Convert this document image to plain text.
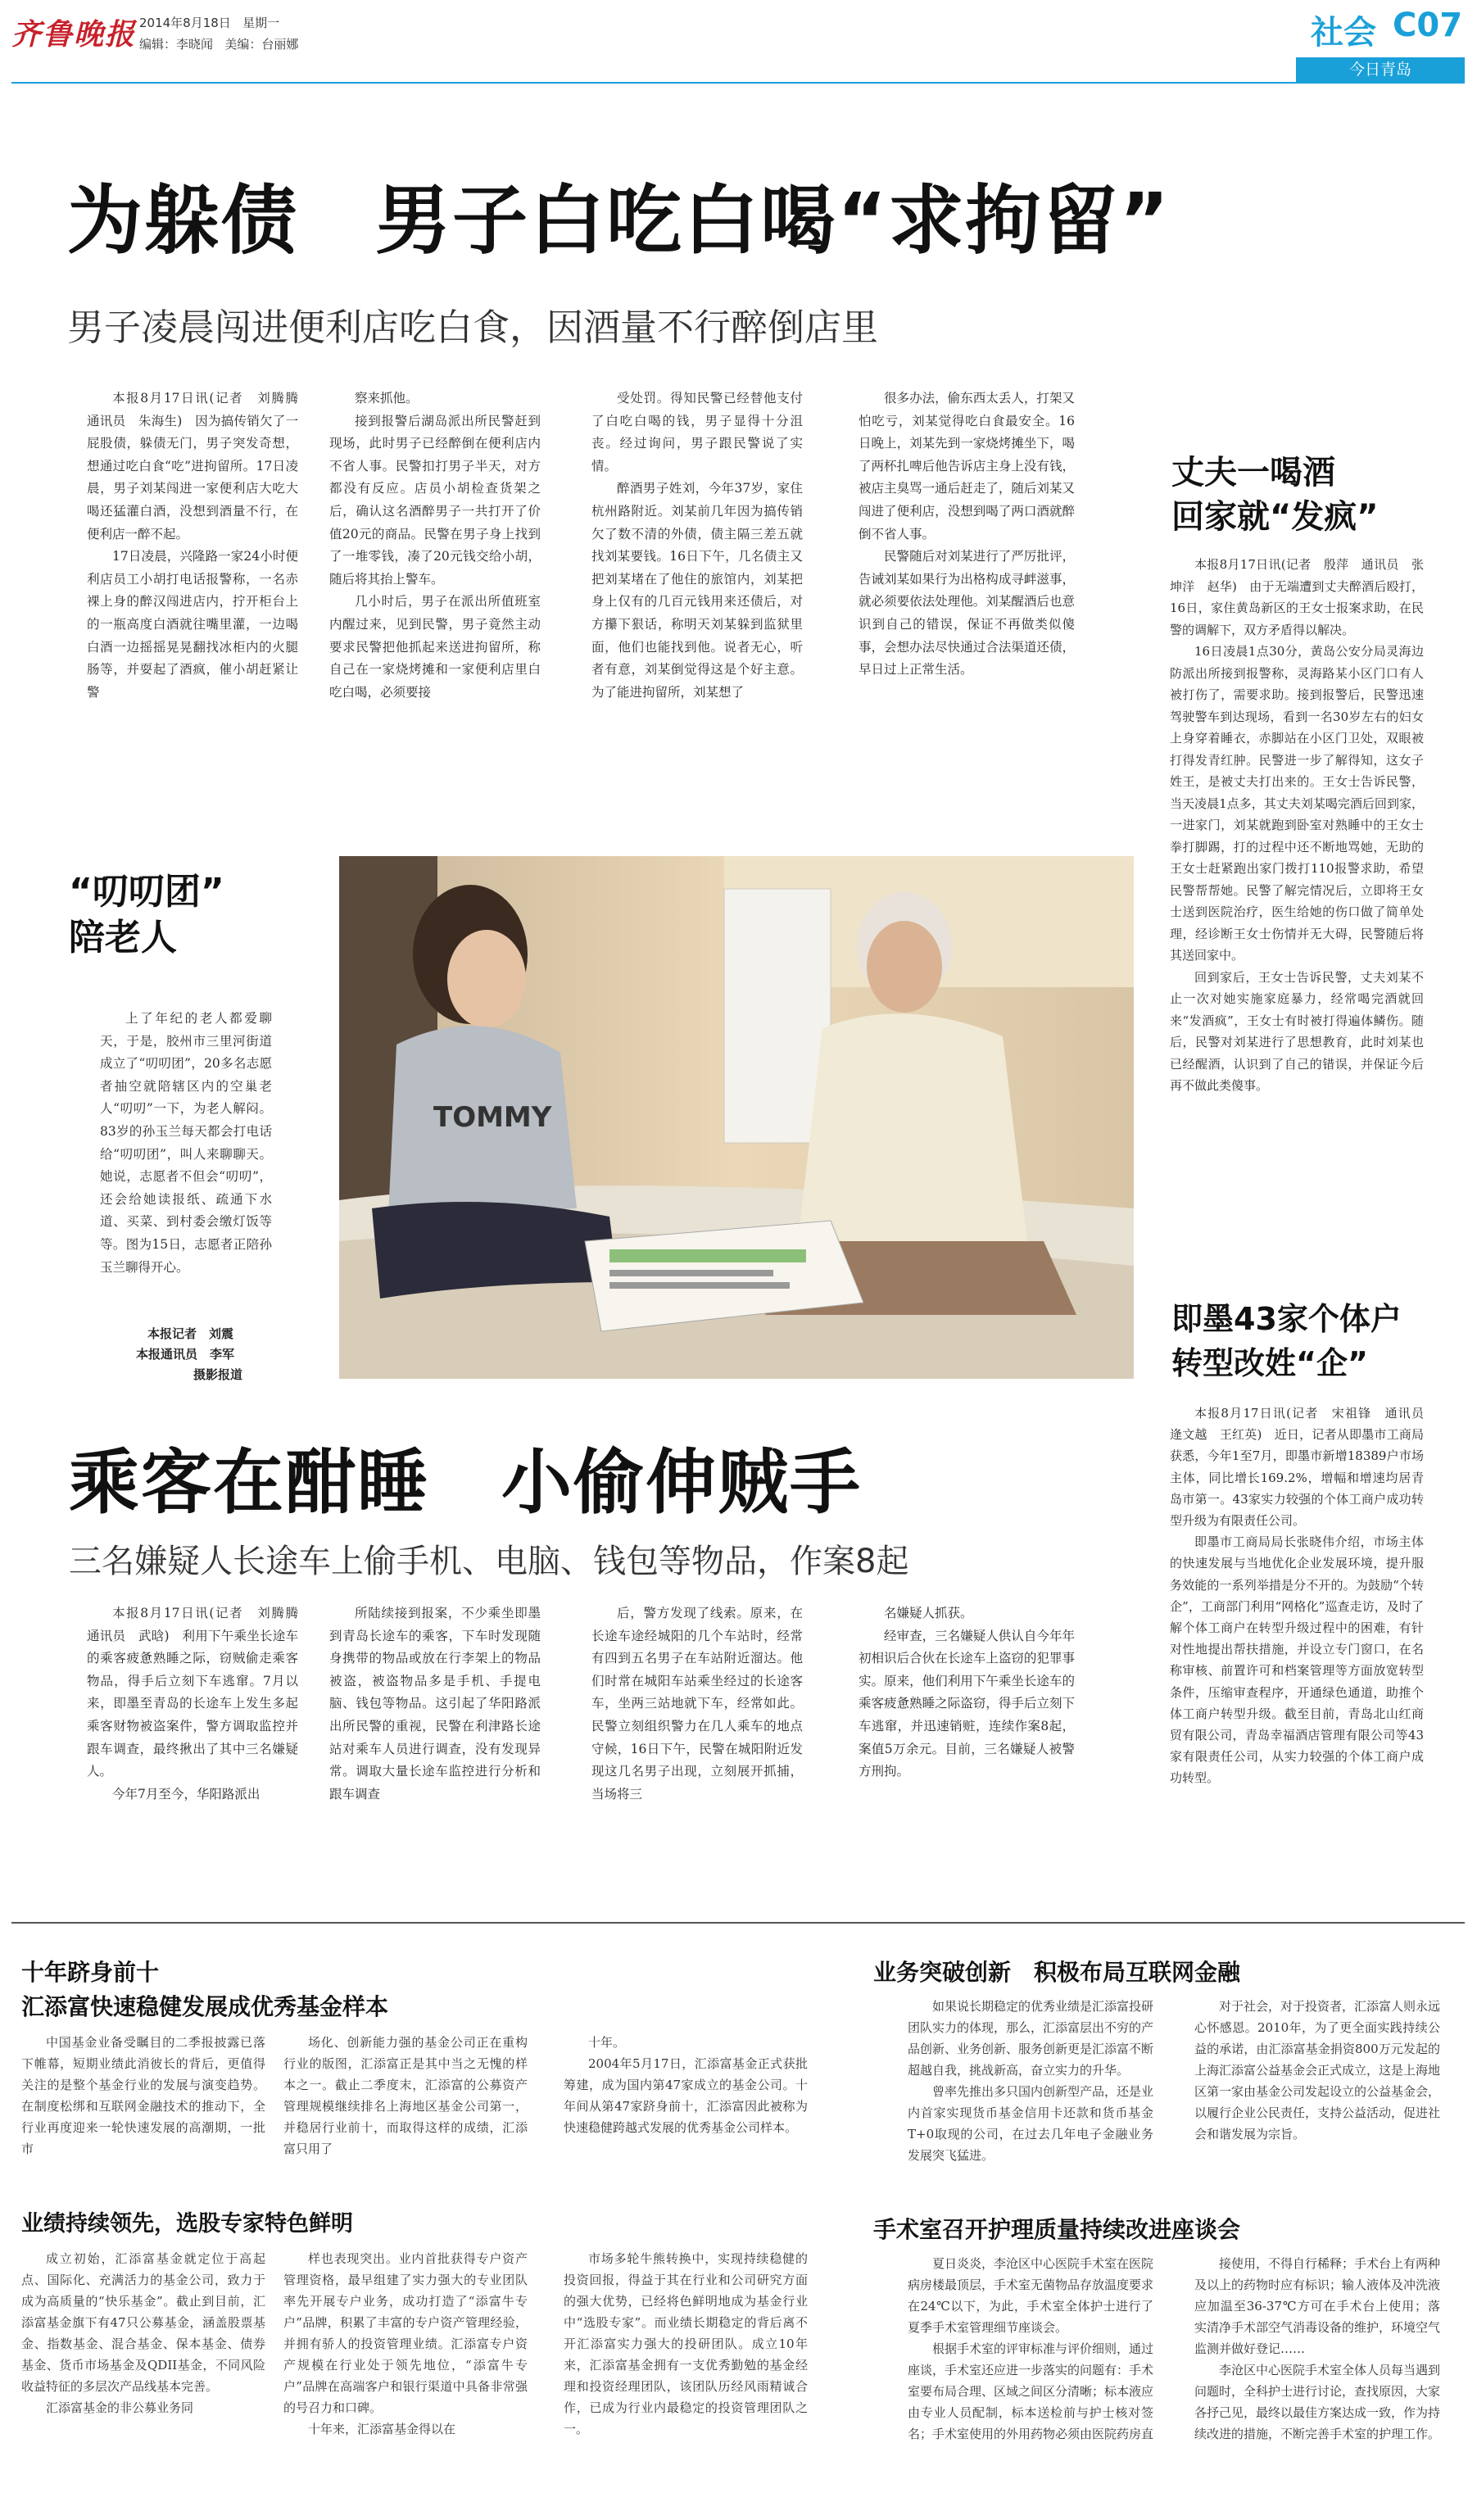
齐鲁晚报 2014年8月18日 星期一
编辑：李晓闻 美编：台丽娜	社会 C07
今日青岛
为躲债　男子白吃白喝“求拘留”
男子凌晨闯进便利店吃白食，因酒量不行醉倒店里

本报8月17日讯(记者　刘腾腾　通讯员　朱海生)　因为搞传销欠了一屁股债，躲债无门，男子突发奇想，想通过吃白食“吃”进拘留所。17日凌晨，男子刘某闯进一家便利店大吃大喝还猛灌白酒，没想到酒量不行，在便利店一醉不起。

17日凌晨，兴隆路一家24小时便利店员工小胡打电话报警称，一名赤裸上身的醉汉闯进店内，拧开柜台上的一瓶高度白酒就往嘴里灌，一边喝白酒一边摇摇晃晃翻找冰柜内的火腿肠等，并耍起了酒疯，催小胡赶紧让警

察来抓他。

接到报警后湖岛派出所民警赶到现场，此时男子已经醉倒在便利店内不省人事。民警扣打男子半天，对方都没有反应。店员小胡检查货架之后，确认这名酒醉男子一共打开了价值20元的商品。民警在男子身上找到了一堆零钱，凑了20元钱交给小胡，随后将其抬上警车。

几小时后，男子在派出所值班室内醒过来，见到民警，男子竟然主动要求民警把他抓起来送进拘留所，称自己在一家烧烤摊和一家便利店里白吃白喝，必须要接

受处罚。得知民警已经替他支付了白吃白喝的钱，男子显得十分沮丧。经过询问，男子跟民警说了实情。

醉酒男子姓刘，今年37岁，家住杭州路附近。刘某前几年因为搞传销欠了数不清的外债，债主隔三差五就找刘某要钱。16日下午，几名债主又把刘某堵在了他住的旅馆内，刘某把身上仅有的几百元钱用来还债后，对方攥下狠话，称明天刘某躲到监狱里面，他们也能找到他。说者无心，听者有意，刘某倒觉得这是个好主意。为了能进拘留所，刘某想了

很多办法，偷东西太丢人，打架又怕吃亏，刘某觉得吃白食最安全。16日晚上，刘某先到一家烧烤摊坐下，喝了两杯扎啤后他告诉店主身上没有钱，被店主臭骂一通后赶走了，随后刘某又闯进了便利店，没想到喝了两口酒就醉倒不省人事。

民警随后对刘某进行了严厉批评，告诫刘某如果行为出格构成寻衅滋事，就必须要依法处理他。刘某醒酒后也意识到自己的错误，保证不再做类似傻事，会想办法尽快通过合法渠道还债，早日过上正常生活。

丈夫一喝酒
回家就“发疯”

本报8月17日讯(记者　殷萍　通讯员　张坤洋　赵华)　由于无端遭到丈夫醉酒后殴打，16日，家住黄岛新区的王女士报案求助，在民警的调解下，双方矛盾得以解决。

16日凌晨1点30分，黄岛公安分局灵海边防派出所接到报警称，灵海路某小区门口有人被打伤了，需要求助。接到报警后，民警迅速驾驶警车到达现场，看到一名30岁左右的妇女上身穿着睡衣，赤脚站在小区门卫处，双眼被打得发青红肿。民警进一步了解得知，这女子姓王，是被丈夫打出来的。王女士告诉民警，当天凌晨1点多，其丈夫刘某喝完酒后回到家，一进家门，刘某就跑到卧室对熟睡中的王女士拳打脚踢，打的过程中还不断地骂她，无助的王女士赶紧跑出家门拨打110报警求助，希望民警帮帮她。民警了解完情况后，立即将王女士送到医院治疗，医生给她的伤口做了简单处理，经诊断王女士伤情并无大碍，民警随后将其送回家中。

回到家后，王女士告诉民警，丈夫刘某不止一次对她实施家庭暴力，经常喝完酒就回来“发酒疯”，王女士有时被打得遍体鳞伤。随后，民警对刘某进行了思想教育，此时刘某也已经醒酒，认识到了自己的错误，并保证今后再不做此类傻事。

“叨叨团”
陪老人

上了年纪的老人都爱聊天，于是，胶州市三里河街道成立了“叨叨团”，20多名志愿者抽空就陪辖区内的空巢老人“叨叨”一下，为老人解闷。83岁的孙玉兰每天都会打电话给“叨叨团”，叫人来聊聊天。她说，志愿者不但会“叨叨”，还会给她读报纸、疏通下水道、买菜、到村委会缴灯饭等等。图为15日，志愿者正陪孙玉兰聊得开心。

本报记者　刘震
本报通讯员　李军
摄影报道
TOMMY
即墨43家个体户
转型改姓“企”

本报8月17日讯(记者　宋祖锋　通讯员　逄文越　王红英)　近日，记者从即墨市工商局获悉，今年1至7月，即墨市新增18389户市场主体，同比增长169.2%，增幅和增速均居青岛市第一。43家实力较强的个体工商户成功转型升级为有限责任公司。

即墨市工商局局长张晓伟介绍，市场主体的快速发展与当地优化企业发展环境，提升服务效能的一系列举措是分不开的。为鼓励“个转企”，工商部门利用“网格化”巡查走访，及时了解个体工商户在转型升级过程中的困难，有针对性地提出帮扶措施，并设立专门窗口，在名称审核、前置许可和档案管理等方面放宽转型条件，压缩审查程序，开通绿色通道，助推个体工商户转型升级。截至目前，青岛北山红商贸有限公司，青岛幸福酒店管理有限公司等43家有限责任公司，从实力较强的个体工商户成功转型。

乘客在酣睡　小偷伸贼手
三名嫌疑人长途车上偷手机、电脑、钱包等物品，作案8起

本报8月17日讯(记者　刘腾腾　通讯员　武晗)　利用下午乘坐长途车的乘客疲惫熟睡之际，窃贼偷走乘客物品，得手后立刻下车逃窜。7月以来，即墨至青岛的长途车上发生多起乘客财物被盗案件，警方调取监控并跟车调查，最终揪出了其中三名嫌疑人。

今年7月至今，华阳路派出

所陆续接到报案，不少乘坐即墨到青岛长途车的乘客，下车时发现随身携带的物品或放在行李架上的物品被盗，被盗物品多是手机、手提电脑、钱包等物品。这引起了华阳路派出所民警的重视，民警在利津路长途站对乘车人员进行调查，没有发现异常。调取大量长途车监控进行分析和跟车调查

后，警方发现了线索。原来，在长途车途经城阳的几个车站时，经常有四到五名男子在车站附近溜达。他们时常在城阳车站乘坐经过的长途客车，坐两三站地就下车，经常如此。民警立刻组织警力在几人乘车的地点守候，16日下午，民警在城阳附近发现这几名男子出现，立刻展开抓捕，当场将三

名嫌疑人抓获。

经审查，三名嫌疑人供认自今年年初相识后合伙在长途车上盗窃的犯罪事实。原来，他们利用下午乘坐长途车的乘客疲惫熟睡之际盗窃，得手后立刻下车逃窜，并迅速销赃，连续作案8起，案值5万余元。目前，三名嫌疑人被警方刑拘。

十年跻身前十
汇添富快速稳健发展成优秀基金样本

中国基金业备受瞩目的二季报披露已落下帷幕，短期业绩此消彼长的背后，更值得关注的是整个基金行业的发展与演变趋势。在制度松绑和互联网金融技术的推动下，全行业再度迎来一轮快速发展的高潮期，一批市

场化、创新能力强的基金公司正在重构行业的版图，汇添富正是其中当之无愧的样本之一。截止二季度末，汇添富的公募资产管理规模继续排名上海地区基金公司第一，并稳居行业前十，而取得这样的成绩，汇添富只用了

十年。

2004年5月17日，汇添富基金正式获批筹建，成为国内第47家成立的基金公司。十年间从第47家跻身前十，汇添富因此被称为快速稳健跨越式发展的优秀基金公司样本。

业绩持续领先，选股专家特色鲜明

成立初始，汇添富基金就定位于高起点、国际化、充满活力的基金公司，致力于成为高质量的“快乐基金”。截止到目前，汇添富基金旗下有47只公募基金，涵盖股票基金、指数基金、混合基金、保本基金、债券基金、货币市场基金及QDII基金，不同风险收益特征的多层次产品线基本完善。

汇添富基金的非公募业务同

样也表现突出。业内首批获得专户资产管理资格，最早组建了实力强大的专业团队率先开展专户业务，成功打造了“添富牛专户”品牌，积累了丰富的专户资产管理经验，并拥有骄人的投资管理业绩。汇添富专户资产规模在行业处于领先地位，“添富牛专户”品牌在高端客户和银行渠道中具备非常强的号召力和口碑。

十年来，汇添富基金得以在

市场多轮牛熊转换中，实现持续稳健的投资回报，得益于其在行业和公司研究方面的强大优势，已经将色鲜明地成为基金行业中“选股专家”。而业绩长期稳定的背后离不开汇添富实力强大的投研团队。成立10年来，汇添富基金拥有一支优秀勤勉的基金经理和投资经理团队，该团队历经风雨精诚合作，已成为行业内最稳定的投资管理团队之一。

业务突破创新　积极布局互联网金融

如果说长期稳定的优秀业绩是汇添富投研团队实力的体现，那么，汇添富层出不穷的产品创新、业务创新、服务创新更是汇添富不断超越自我，挑战新高，奋立实力的升华。

曾率先推出多只国内创新型产品，还是业内首家实现货币基金信用卡还款和货币基金T+0取现的公司，在过去几年电子金融业务发展突飞猛进。

对于社会，对于投资者，汇添富人则永远心怀感恩。2010年，为了更全面实践持续公益的承诺，由汇添富基金捐资800万元发起的上海汇添富公益基金会正式成立，这是上海地区第一家由基金公司发起设立的公益基金会，以履行企业公民责任，支持公益活动，促进社会和谐发展为宗旨。

手术室召开护理质量持续改进座谈会

夏日炎炎，李沧区中心医院手术室在医院病房楼最顶层，手术室无菌物品存放温度要求在24℃以下，为此，手术室全体护士进行了夏季手术室管理细节座谈会。

根据手术室的评审标准与评价细则，通过座谈，手术室还应进一步落实的问题有：手术室要布局合理、区域之间区分清晰；标本液应由专业人员配制，标本送检前与护士核对签名；手术室使用的外用药物必须由医院药房直

接使用，不得自行稀释；手术台上有两种及以上的药物时应有标识；输人液体及冲洗液应加温至36-37℃方可在手术台上使用；落实清净手术部空气消毒设备的维护，环境空气监测并做好登记……

李沧区中心医院手术室全体人员每当遇到问题时，全科护士进行讨论，查找原因，大家各抒己见，最终以最佳方案达成一致，作为持续改进的措施，不断完善手术室的护理工作。
